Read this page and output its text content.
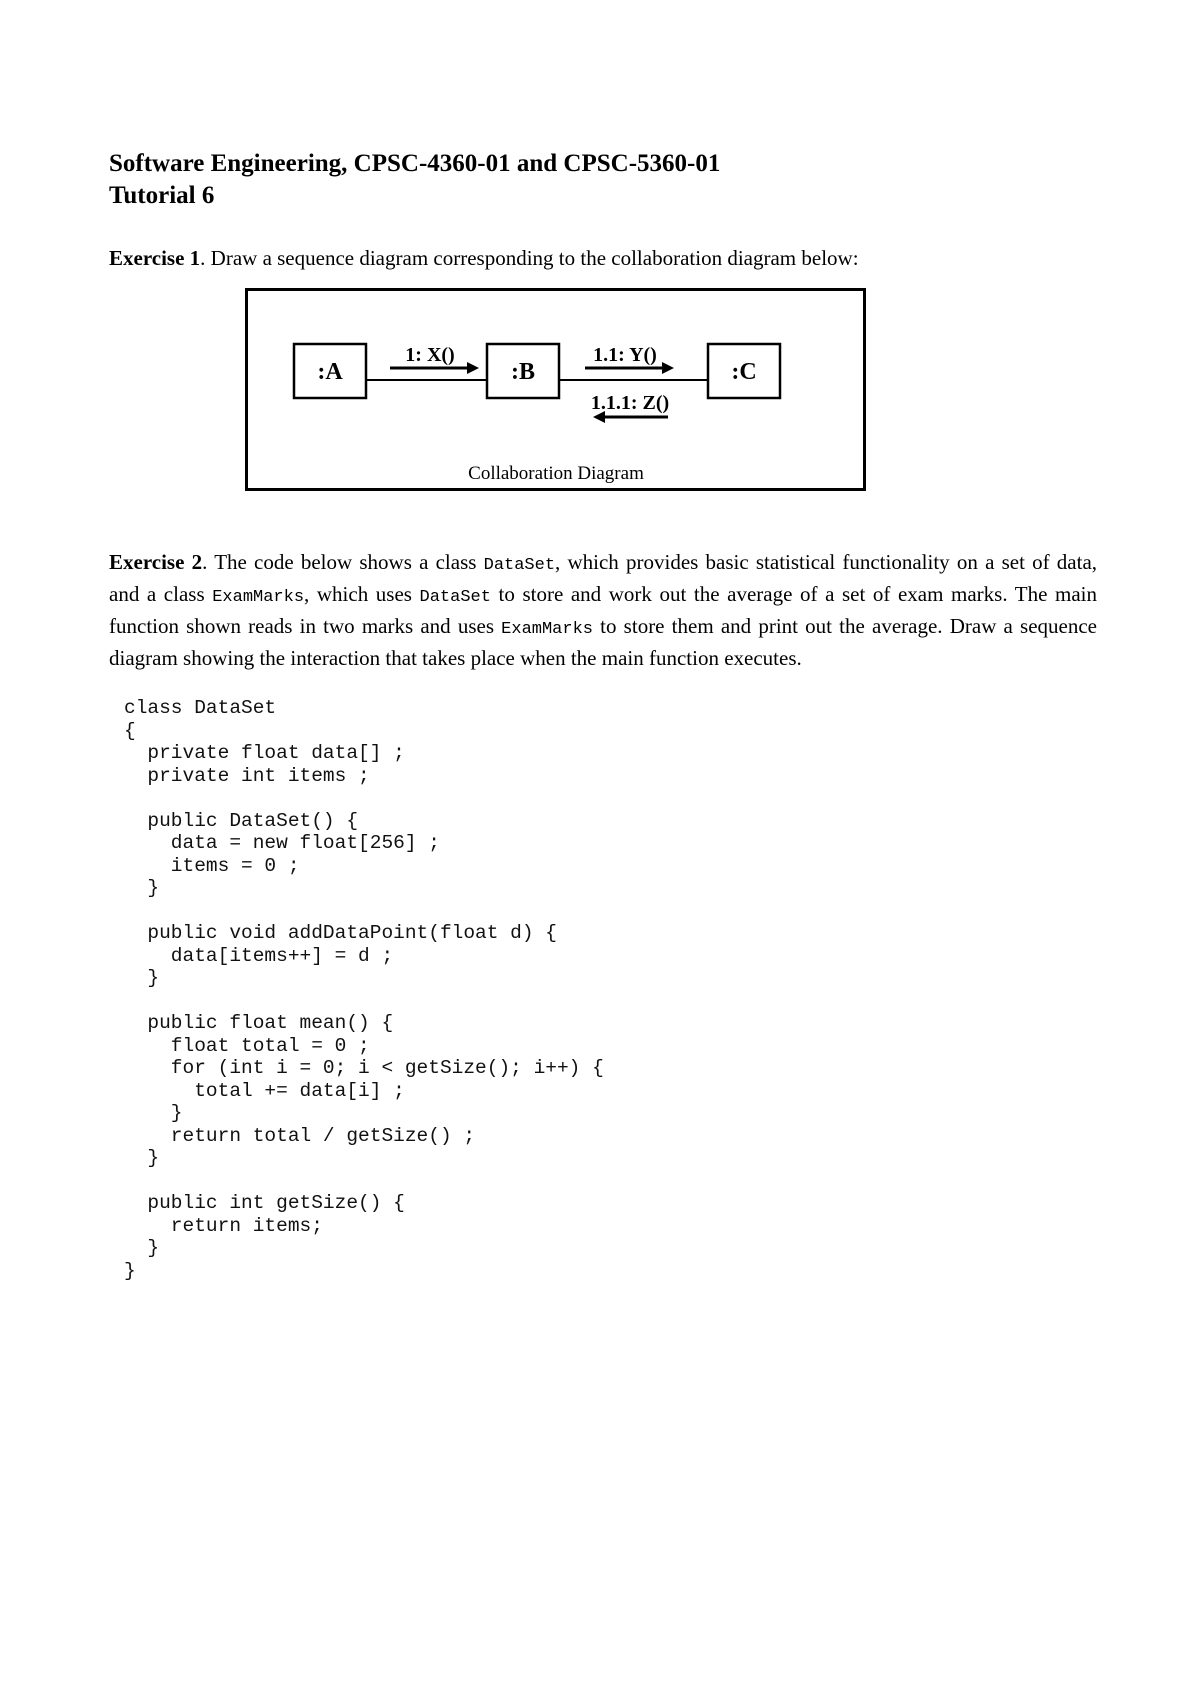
Software Engineering, CPSC-4360-01 and CPSC-5360-01
Tutorial 6
Exercise 1. Draw a sequence diagram corresponding to the collaboration diagram below:
:A	:B	:C
1: X()	1.1: Y()
1.1.1: Z()
Collaboration Diagram
Exercise 2. The code below shows a class DataSet, which provides basic statistical functionality on a set of data, and a class ExamMarks, which uses DataSet to store and work out the average of a set of exam marks. The main function shown reads in two marks and uses ExamMarks to store them and print out the average. Draw a sequence diagram showing the interaction that takes place when the main function executes.
class DataSet
{
private float data[] ;
private int items ;

public DataSet() {
data = new float[256] ;
items = 0 ;
}

public void addDataPoint(float d) {
data[items++] = d ;
}

public float mean() {
float total = 0 ;
for (int i = 0; i < getSize(); i++) {
total += data[i] ;
}
return total / getSize() ;
}

public int getSize() {
return items;
}
}
